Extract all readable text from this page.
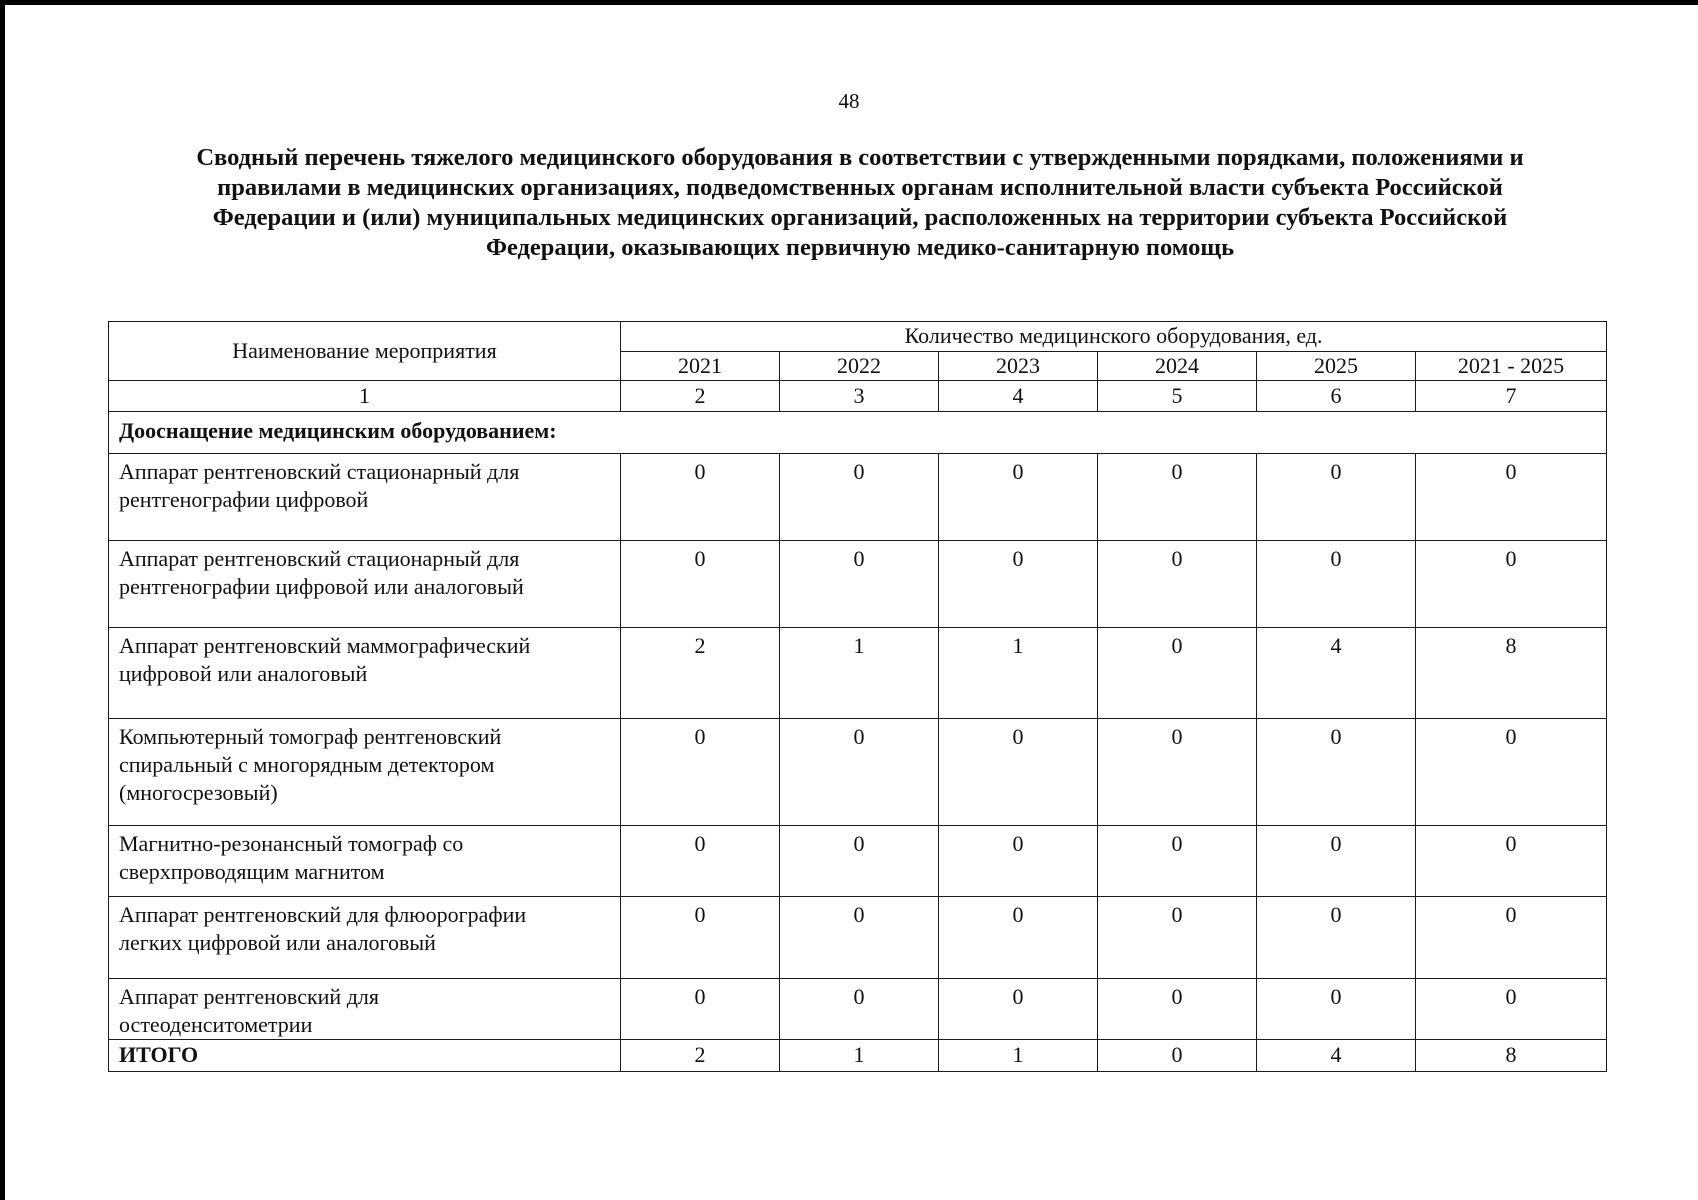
48
Сводный перечень тяжелого медицинского оборудования в соответствии с утвержденными порядками, положениями и
правилами в медицинских организациях, подведомственных органам исполнительной власти субъекта Российской
Федерации и (или) муниципальных медицинских организаций, расположенных на территории субъекта Российской
Федерации, оказывающих первичную медико-санитарную помощь
Наименование мероприятия	Количество медицинского оборудования, ед.					
	2021	2022	2023	2024	2025	2021 - 2025
1	2	3	4	5	6	7
Дооснащение медицинским оборудованием:						

Аппарат рентгеновский стационарный для
рентгенографии цифровой	0	0	0	0	0	0

Аппарат рентгеновский стационарный для
рентгенографии цифровой или аналоговый	0	0	0	0	0	0

Аппарат рентгеновский маммографический
цифровой или аналоговый	2	1	1	0	4	8

Компьютерный томограф рентгеновский
спиральный с многорядным детектором
(многосрезовый)	0	0	0	0	0	0

Магнитно-резонансный томограф со
сверхпроводящим магнитом	0	0	0	0	0	0

Аппарат рентгеновский для флюорографии
легких цифровой или аналоговый	0	0	0	0	0	0

Аппарат рентгеновский для
остеоденситометрии	0	0	0	0	0	0
ИТОГО	2	1	1	0	4	8
